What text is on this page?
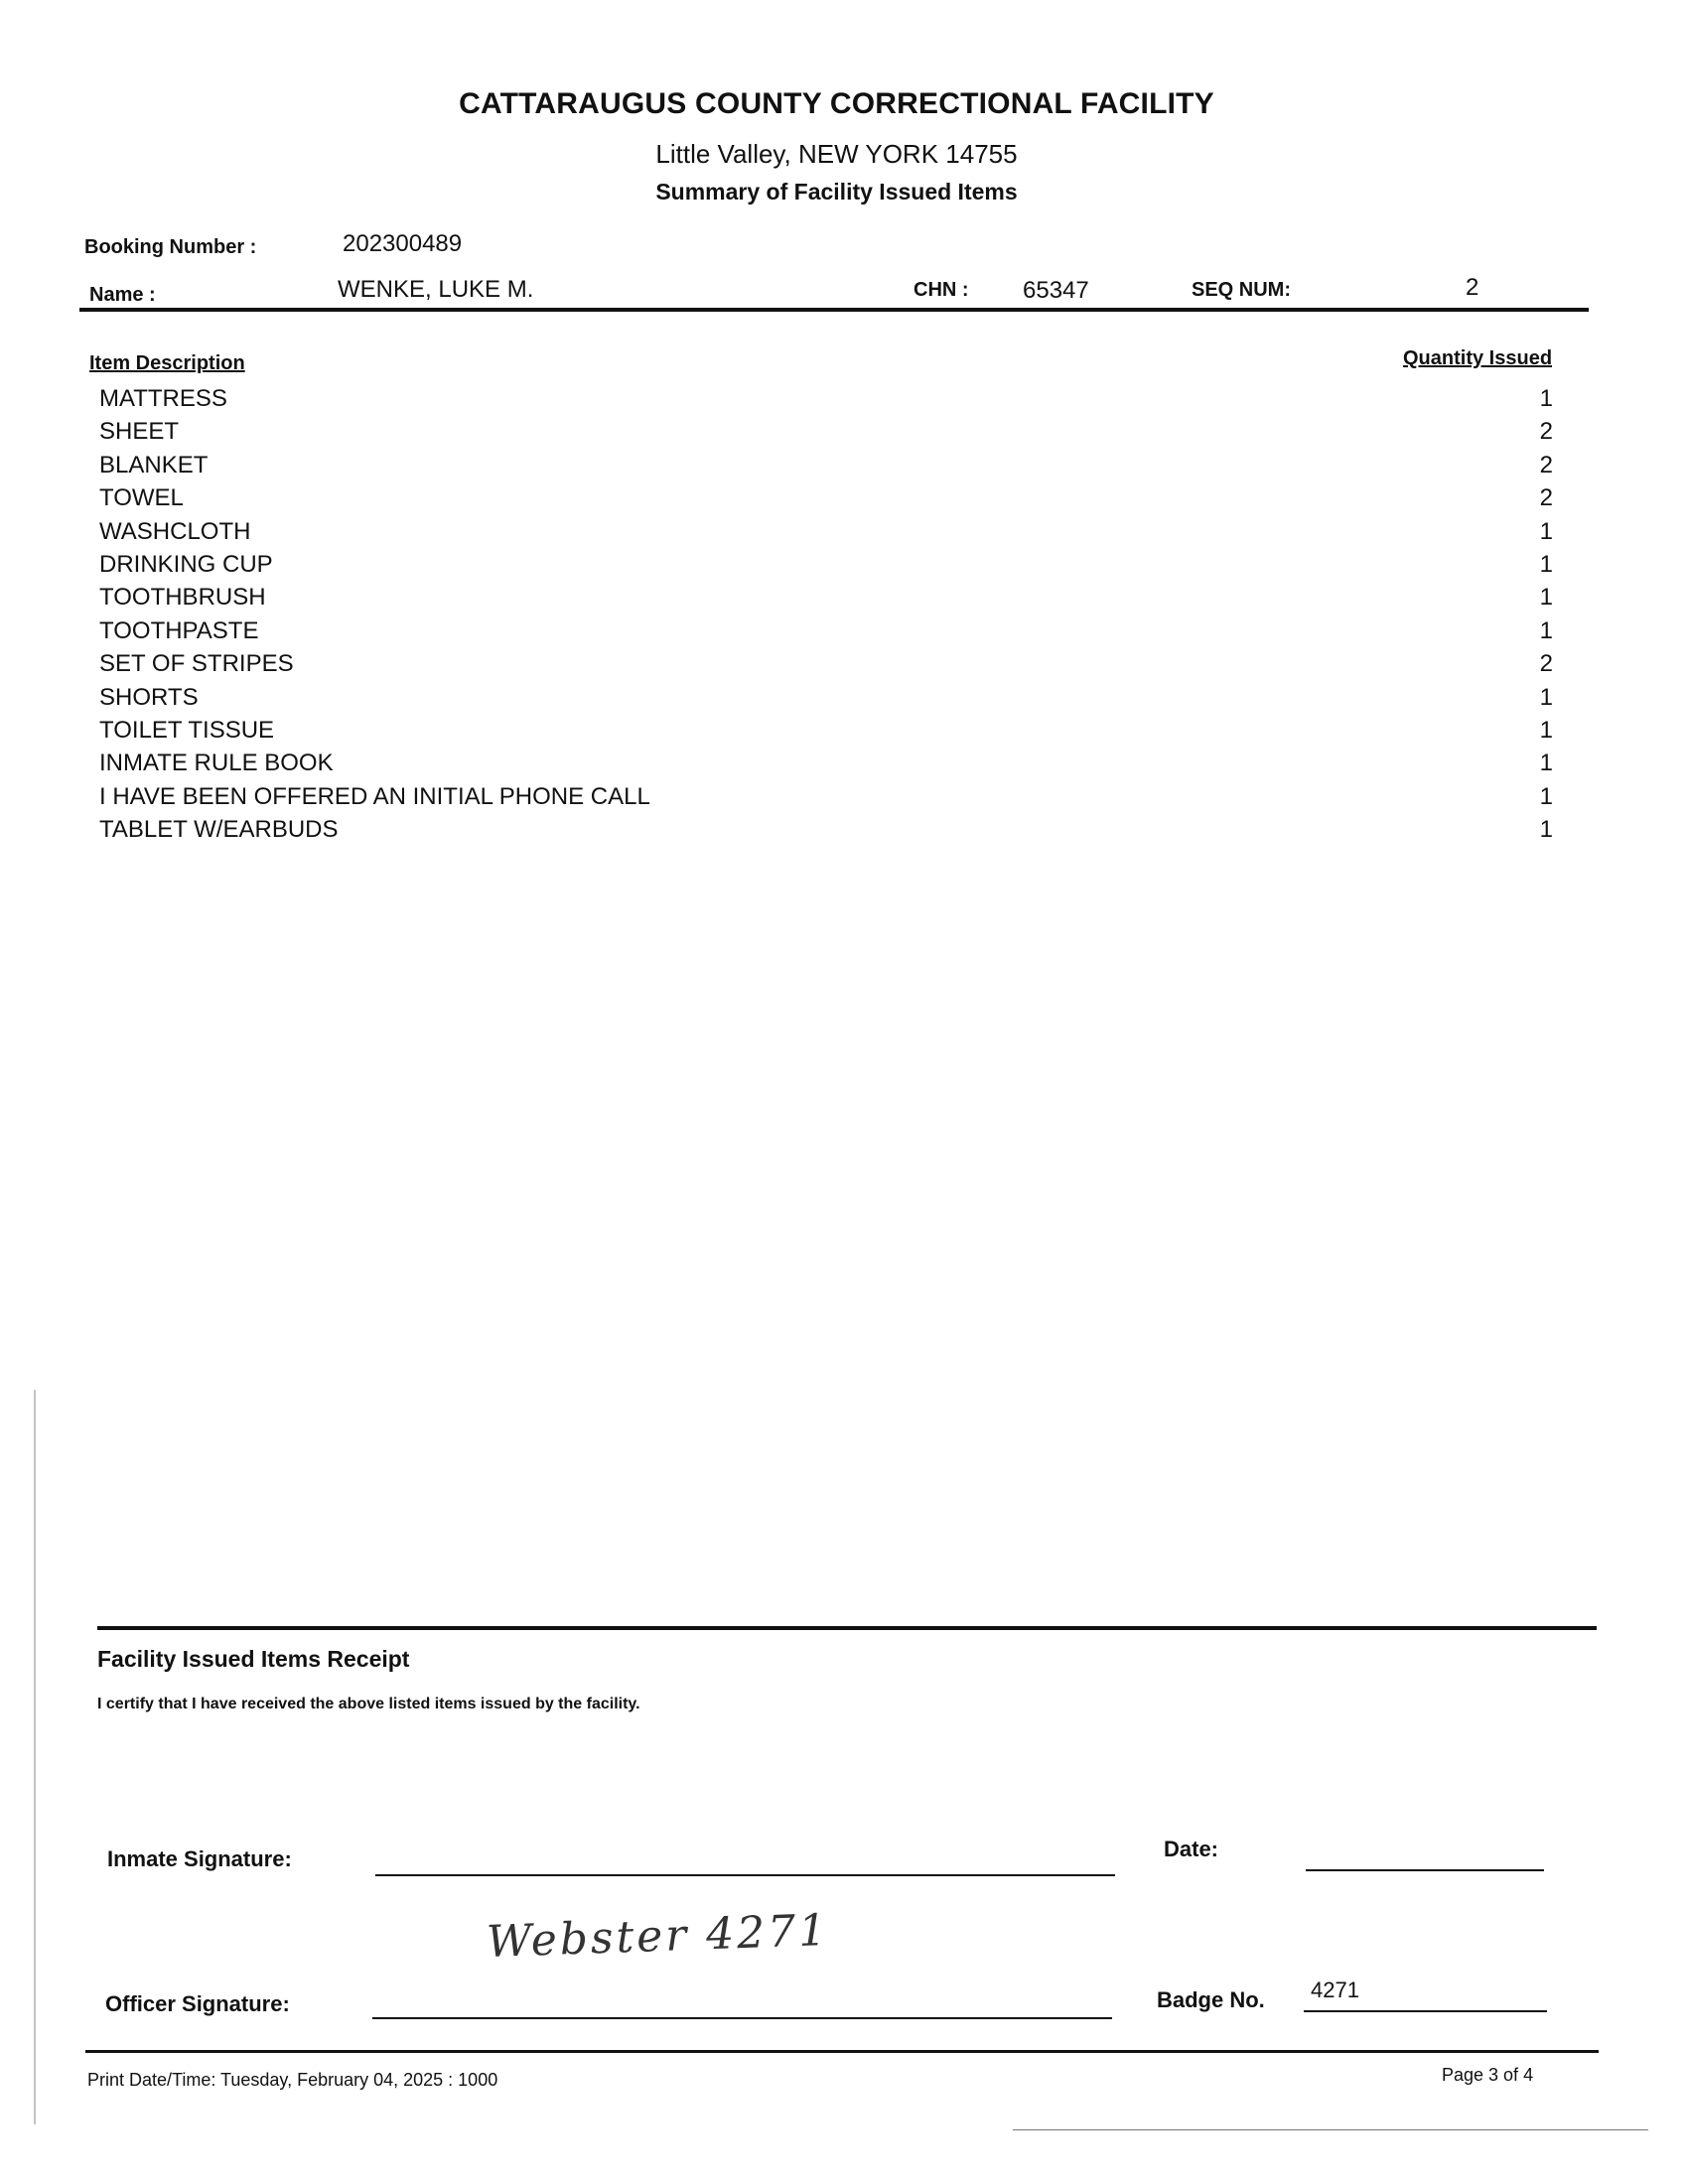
CATTARAUGUS COUNTY CORRECTIONAL FACILITY
Little Valley, NEW YORK 14755
Summary of Facility Issued Items
Booking Number :	202300489
Name :	WENKE, LUKE M.	CHN : 65347	SEQ NUM:	2
Item Description	Quantity Issued
MATTRESS	1
SHEET	2
BLANKET	2
TOWEL	2
WASHCLOTH	1
DRINKING CUP	1
TOOTHBRUSH	1
TOOTHPASTE	1
SET OF STRIPES	2
SHORTS	1
TOILET TISSUE	1
INMATE RULE BOOK	1
I HAVE BEEN OFFERED AN INITIAL PHONE CALL	1
TABLET W/EARBUDS	1
Facility Issued Items Receipt
I certify that I have received the above listed items issued by the facility.
Inmate Signature:	Date:
Webster 4271
Officer Signature:	Badge No. 4271
Print Date/Time: Tuesday, February 04, 2025 : 1000	Page 3 of 4
